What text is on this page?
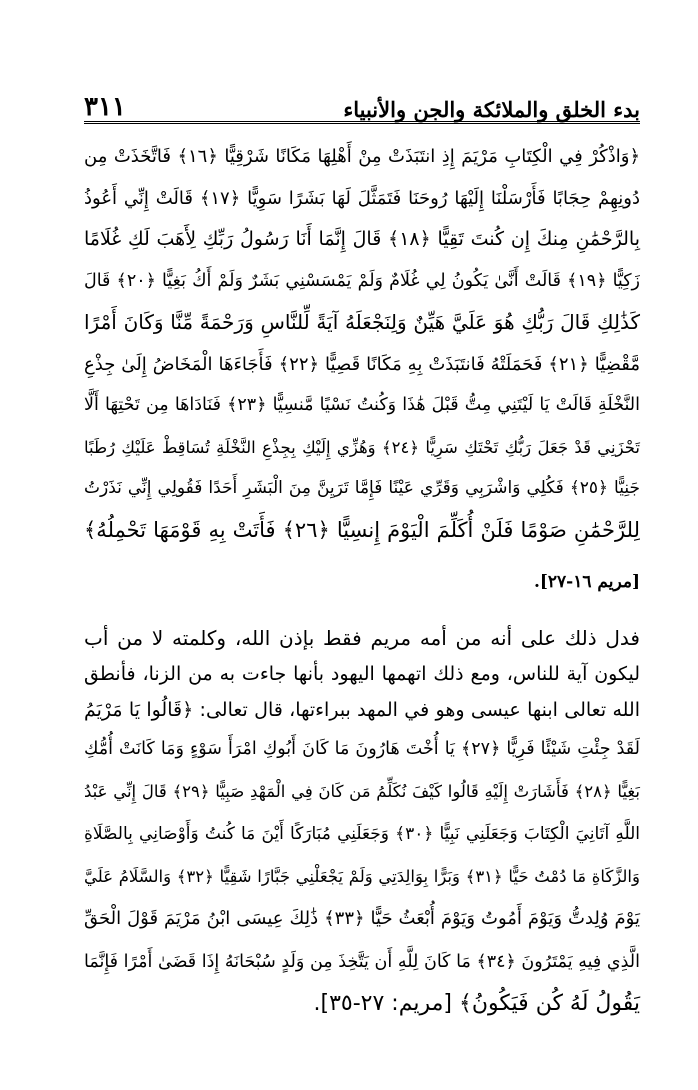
٣١١	بدء الخلق والملائكة والجن والأنبياء
﴿وَاذْكُرْ فِي الْكِتَابِ مَرْيَمَ إِذِ انتَبَذَتْ مِنْ أَهْلِهَا مَكَانًا شَرْقِيًّا ﴿١٦﴾ فَاتَّخَذَتْ مِن
دُونِهِمْ حِجَابًا فَأَرْسَلْنَا إِلَيْهَا رُوحَنَا فَتَمَثَّلَ لَهَا بَشَرًا سَوِيًّا ﴿١٧﴾ قَالَتْ إِنِّي أَعُوذُ
بِالرَّحْمَٰنِ مِنكَ إِن كُنتَ تَقِيًّا ﴿١٨﴾ قَالَ إِنَّمَا أَنَا رَسُولُ رَبِّكِ لِأَهَبَ لَكِ غُلَامًا
زَكِيًّا ﴿١٩﴾ قَالَتْ أَنَّىٰ يَكُونُ لِي غُلَامٌ وَلَمْ يَمْسَسْنِي بَشَرٌ وَلَمْ أَكُ بَغِيًّا ﴿٢٠﴾ قَالَ
كَذَٰلِكِ قَالَ رَبُّكِ هُوَ عَلَيَّ هَيِّنٌ وَلِنَجْعَلَهُ آيَةً لِّلنَّاسِ وَرَحْمَةً مِّنَّا وَكَانَ أَمْرًا
مَّقْضِيًّا ﴿٢١﴾ فَحَمَلَتْهُ فَانتَبَذَتْ بِهِ مَكَانًا قَصِيًّا ﴿٢٢﴾ فَأَجَاءَهَا الْمَخَاضُ إِلَىٰ جِذْعِ
النَّخْلَةِ قَالَتْ يَا لَيْتَنِي مِتُّ قَبْلَ هَٰذَا وَكُنتُ نَسْيًا مَّنسِيًّا ﴿٢٣﴾ فَنَادَاهَا مِن تَحْتِهَا أَلَّا
تَحْزَنِي قَدْ جَعَلَ رَبُّكِ تَحْتَكِ سَرِيًّا ﴿٢٤﴾ وَهُزِّي إِلَيْكِ بِجِذْعِ النَّخْلَةِ تُسَاقِطْ عَلَيْكِ رُطَبًا
جَنِيًّا ﴿٢٥﴾ فَكُلِي وَاشْرَبِي وَقَرِّي عَيْنًا فَإِمَّا تَرَيِنَّ مِنَ الْبَشَرِ أَحَدًا فَقُولِي إِنِّي نَذَرْتُ
لِلرَّحْمَٰنِ صَوْمًا فَلَنْ أُكَلِّمَ الْيَوْمَ إِنسِيًّا ﴿٢٦﴾ فَأَتَتْ بِهِ قَوْمَهَا تَحْمِلُهُ﴾
[مريم ١٦-٢٧].
فدل ذلك على أنه من أمه مريم فقط بإذن الله، وكلمته لا من أب
ليكون آية للناس، ومع ذلك اتهمها اليهود بأنها جاءت به من الزنا، فأنطق
الله تعالى ابنها عيسى وهو في المهد ببراءتها، قال تعالى: ﴿قَالُوا يَا مَرْيَمُ
لَقَدْ جِئْتِ شَيْئًا فَرِيًّا ﴿٢٧﴾ يَا أُخْتَ هَارُونَ مَا كَانَ أَبُوكِ امْرَأَ سَوْءٍ وَمَا كَانَتْ أُمُّكِ
بَغِيًّا ﴿٢٨﴾ فَأَشَارَتْ إِلَيْهِ قَالُوا كَيْفَ نُكَلِّمُ مَن كَانَ فِي الْمَهْدِ صَبِيًّا ﴿٢٩﴾ قَالَ إِنِّي عَبْدُ
اللَّهِ آتَانِيَ الْكِتَابَ وَجَعَلَنِي نَبِيًّا ﴿٣٠﴾ وَجَعَلَنِي مُبَارَكًا أَيْنَ مَا كُنتُ وَأَوْصَانِي بِالصَّلَاةِ
وَالزَّكَاةِ مَا دُمْتُ حَيًّا ﴿٣١﴾ وَبَرًّا بِوَالِدَتِي وَلَمْ يَجْعَلْنِي جَبَّارًا شَقِيًّا ﴿٣٢﴾ وَالسَّلَامُ عَلَيَّ
يَوْمَ وُلِدتُّ وَيَوْمَ أَمُوتُ وَيَوْمَ أُبْعَثُ حَيًّا ﴿٣٣﴾ ذَٰلِكَ عِيسَى ابْنُ مَرْيَمَ قَوْلَ الْحَقِّ
الَّذِي فِيهِ يَمْتَرُونَ ﴿٣٤﴾ مَا كَانَ لِلَّهِ أَن يَتَّخِذَ مِن وَلَدٍ سُبْحَانَهُ إِذَا قَضَىٰ أَمْرًا فَإِنَّمَا
يَقُولُ لَهُ كُن فَيَكُونُ﴾ [مريم: ٢٧-٣٥].
